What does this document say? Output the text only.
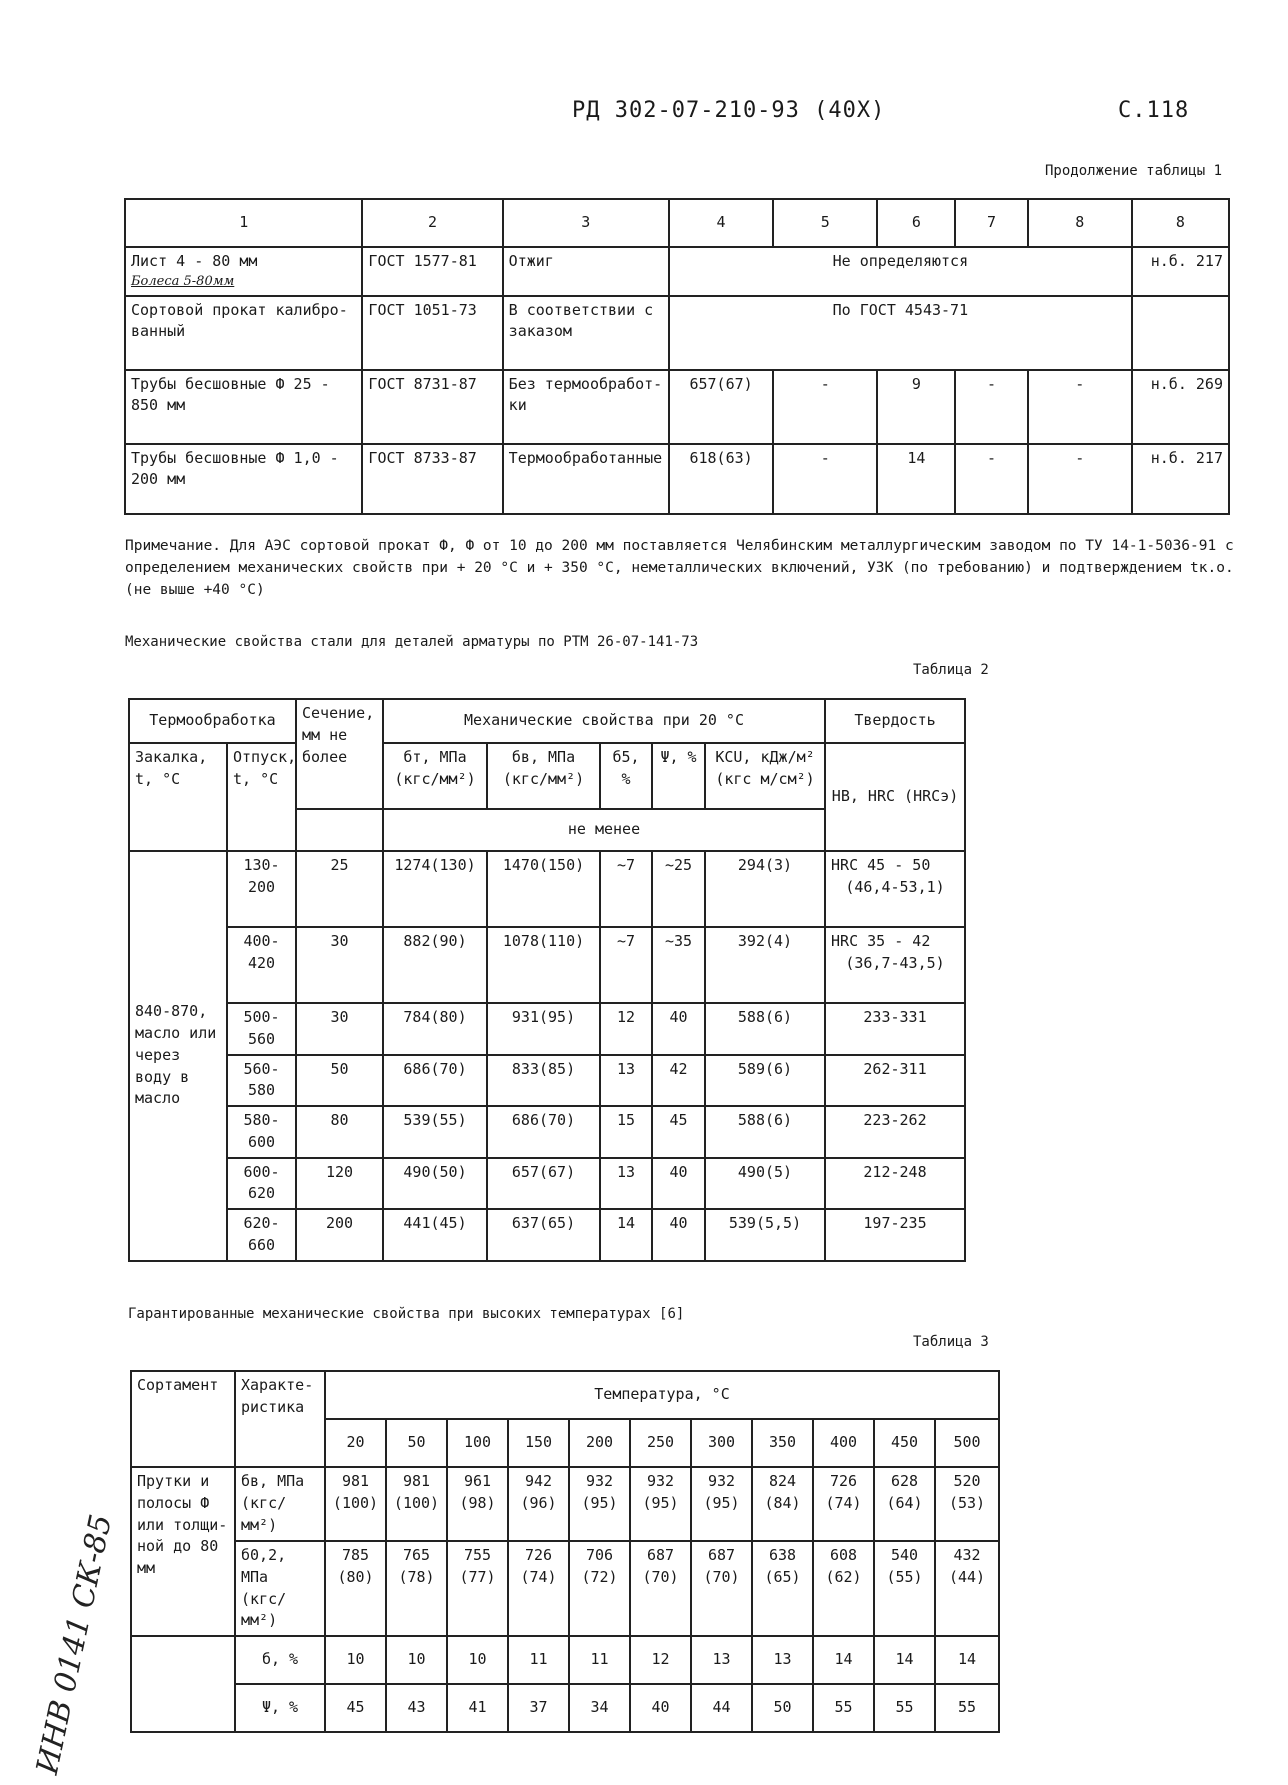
РД 302-07-210-93 (40Х)	С.118
Продолжение таблицы 1
1	2	3	4	5	6	7	8	8

Лист 4 - 80 мм
Болеса 5-80мм	ГОСТ 1577-81	Отжиг	Не определяются					н.б. 217
Сортовой прокат калибро-ванный	ГОСТ 1051-73	В соответствии с заказом	По ГОСТ 4543-71					
Трубы бесшовные Ф 25 - 850 мм	ГОСТ 8731-87	Без термообработ-ки	657(67)	-	9	-	-	н.б. 269
Трубы бесшовные Ф 1,0 - 200 мм	ГОСТ 8733-87	Термообработанные	618(63)	-	14	-	-	н.б. 217
Примечание. Для АЭС сортовой прокат Ф, Ф от 10 до 200 мм поставляется Челябинским металлургическим заводом по ТУ 14-1-5036-91 с определением механических свойств при + 20 °С и + 350 °С, неметаллических включений, УЗК (по требованию) и подтверждением tк.о. (не выше +40 °С)
Механические свойства стали для деталей арматуры по РТМ 26-07-141-73
Таблица 2
Термообработка		Сечение, мм не более	Механические свойства при 20 °С					Твердость
Закалка, t, °С	Отпуск, t, °С		бт, МПа (кгс/мм²)	бв, МПа (кгс/мм²)	б5, %	Ψ, %	KCU, кДж/м² (кгс м/см²)	НВ, HRC (HRCэ)
			не менее					
840-870, масло или через воду в масло	130-200	25	1274(130)	1470(150)	~7	~25	294(3)	HRC 45 - 50
(46,4-53,1)

	400-420	30	882(90)	1078(110)	~7	~35	392(4)	HRC 35 - 42
(36,7-43,5)

	500-560	30	784(80)	931(95)	12	40	588(6)	233-331
	560-580	50	686(70)	833(85)	13	42	589(6)	262-311
	580-600	80	539(55)	686(70)	15	45	588(6)	223-262
	600-620	120	490(50)	657(67)	13	40	490(5)	212-248
	620-660	200	441(45)	637(65)	14	40	539(5,5)	197-235
Гарантированные механические свойства при высоких температурах [6]
Таблица 3
Сортамент	Характе-ристика	Температура, °С										
		20	50	100	150	200	250	300	350	400	450	500
Прутки и полосы Ф или толщи-ной до 80 мм	бв, МПа (кгс/мм²)	981 (100)	981 (100)	961 (98)	942 (96)	932 (95)	932 (95)	932 (95)	824 (84)	726 (74)	628 (64)	520 (53)
	б0,2, МПа (кгс/мм²)	785 (80)	765 (78)	755 (77)	726 (74)	706 (72)	687 (70)	687 (70)	638 (65)	608 (62)	540 (55)	432 (44)
	б, %	10	10	10	11	11	12	13	13	14	14	14
	Ψ, %	45	43	41	37	34	40	44	50	55	55	55
ИНВ 0141 СК-85
